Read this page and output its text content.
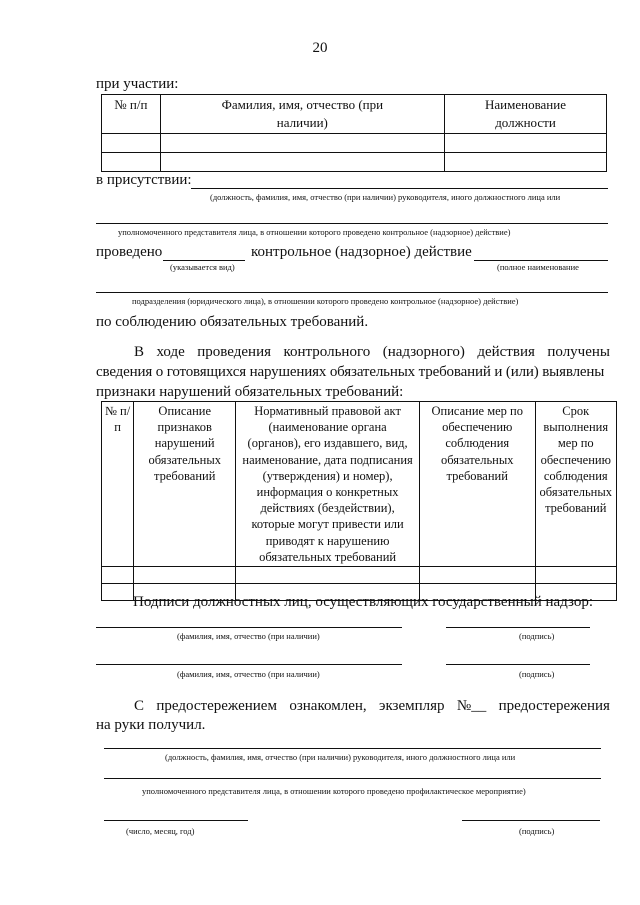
20
при участии:
№ п/п	Фамилия, имя, отчество (при наличии)	Наименование должности

в присутствии:
(должность, фамилия, имя, отчество (при наличии) руководителя, иного должностного лица или
уполномоченного представителя лица, в отношении которого проведено контрольное (надзорное) действие)
проведено	контрольное (надзорное) действие
(указывается вид)	(полное наименование
подразделения (юридического лица), в отношении которого проведено контрольное (надзорное) действие)
по соблюдению обязательных требований.
В ходе проведения контрольного (надзорного) действия получены
сведения о готовящихся нарушениях обязательных требований и (или) выявлены
признаки нарушений обязательных требований:
№ п/п	Описание признаков нарушений обязательных требований	Нормативный правовой акт (наименование органа (органов), его издавшего, вид, наименование, дата подписания (утверждения) и номер), информация о конкретных действиях (бездействии), которые могут привести или приводят к нарушению обязательных требований	Описание мер по обеспечению соблюдения обязательных требований	Срок выполнения мер по обеспечению соблюдения обязательных требований

Подписи должностных лиц, осуществляющих государственный надзор:
(фамилия, имя, отчество (при наличии)	(подпись)
(фамилия, имя, отчество (при наличии)	(подпись)
С предостережением ознакомлен, экземпляр №__ предостережения
на руки получил.
(должность, фамилия, имя, отчество (при наличии) руководителя, иного должностного лица или
уполномоченного представителя лица, в отношении которого проведено профилактическое мероприятие)
(число, месяц, год)	(подпись)
